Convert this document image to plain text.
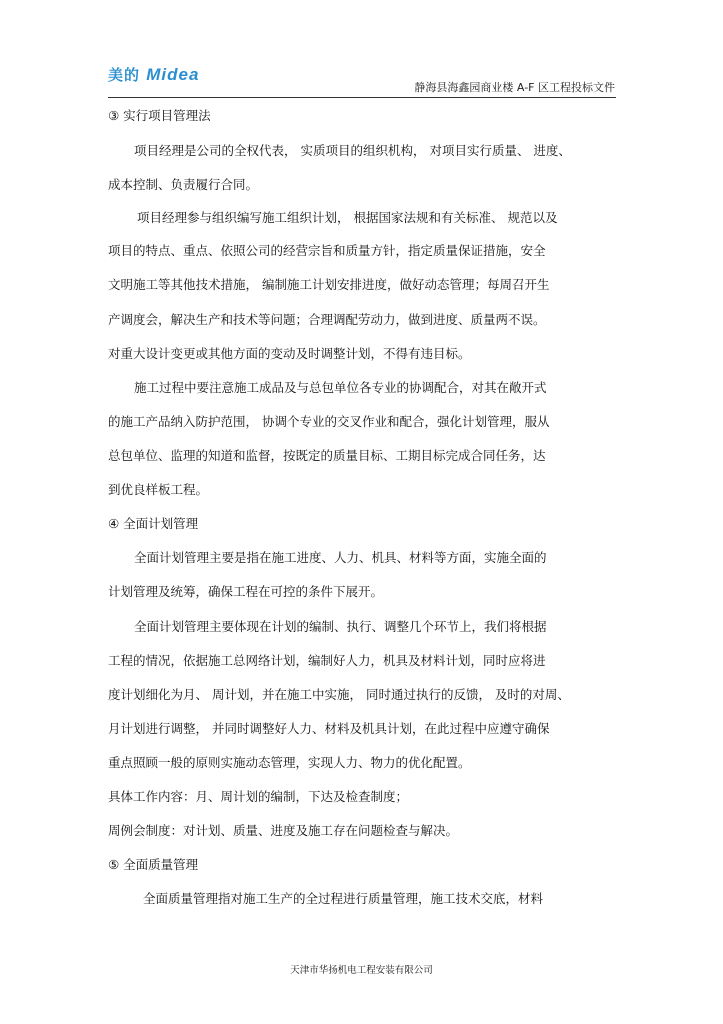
美的 Midea
静海县海鑫园商业楼 A-F 区工程投标文件
③ 实行项目管理法
项目经理是公司的全权代表， 实质项目的组织机构， 对项目实行质量、 进度、
成本控制、负责履行合同。
项目经理参与组织编写施工组织计划， 根据国家法规和有关标准、 规范以及
项目的特点、重点、依照公司的经营宗旨和质量方针，指定质量保证措施，安全
文明施工等其他技术措施， 编制施工计划安排进度，做好动态管理；每周召开生
产调度会，解决生产和技术等问题；合理调配劳动力，做到进度、质量两不误。
对重大设计变更或其他方面的变动及时调整计划，不得有违目标。
施工过程中要注意施工成品及与总包单位各专业的协调配合，对其在敞开式
的施工产品纳入防护范围， 协调个专业的交叉作业和配合，强化计划管理，服从
总包单位、监理的知道和监督，按既定的质量目标、工期目标完成合同任务，达
到优良样板工程。
④ 全面计划管理
全面计划管理主要是指在施工进度、人力、机具、材料等方面，实施全面的
计划管理及统筹，确保工程在可控的条件下展开。
全面计划管理主要体现在计划的编制、执行、调整几个环节上，我们将根据
工程的情况，依据施工总网络计划，编制好人力，机具及材料计划，同时应将进
度计划细化为月、 周计划，并在施工中实施， 同时通过执行的反馈， 及时的对周、
月计划进行调整， 并同时调整好人力、材料及机具计划，在此过程中应遵守确保
重点照顾一般的原则实施动态管理，实现人力、物力的优化配置。
具体工作内容：月、周计划的编制，下达及检查制度；
周例会制度：对计划、质量、进度及施工存在问题检查与解决。
⑤ 全面质量管理
全面质量管理指对施工生产的全过程进行质量管理，施工技术交底，材料
天津市华扬机电工程安装有限公司
